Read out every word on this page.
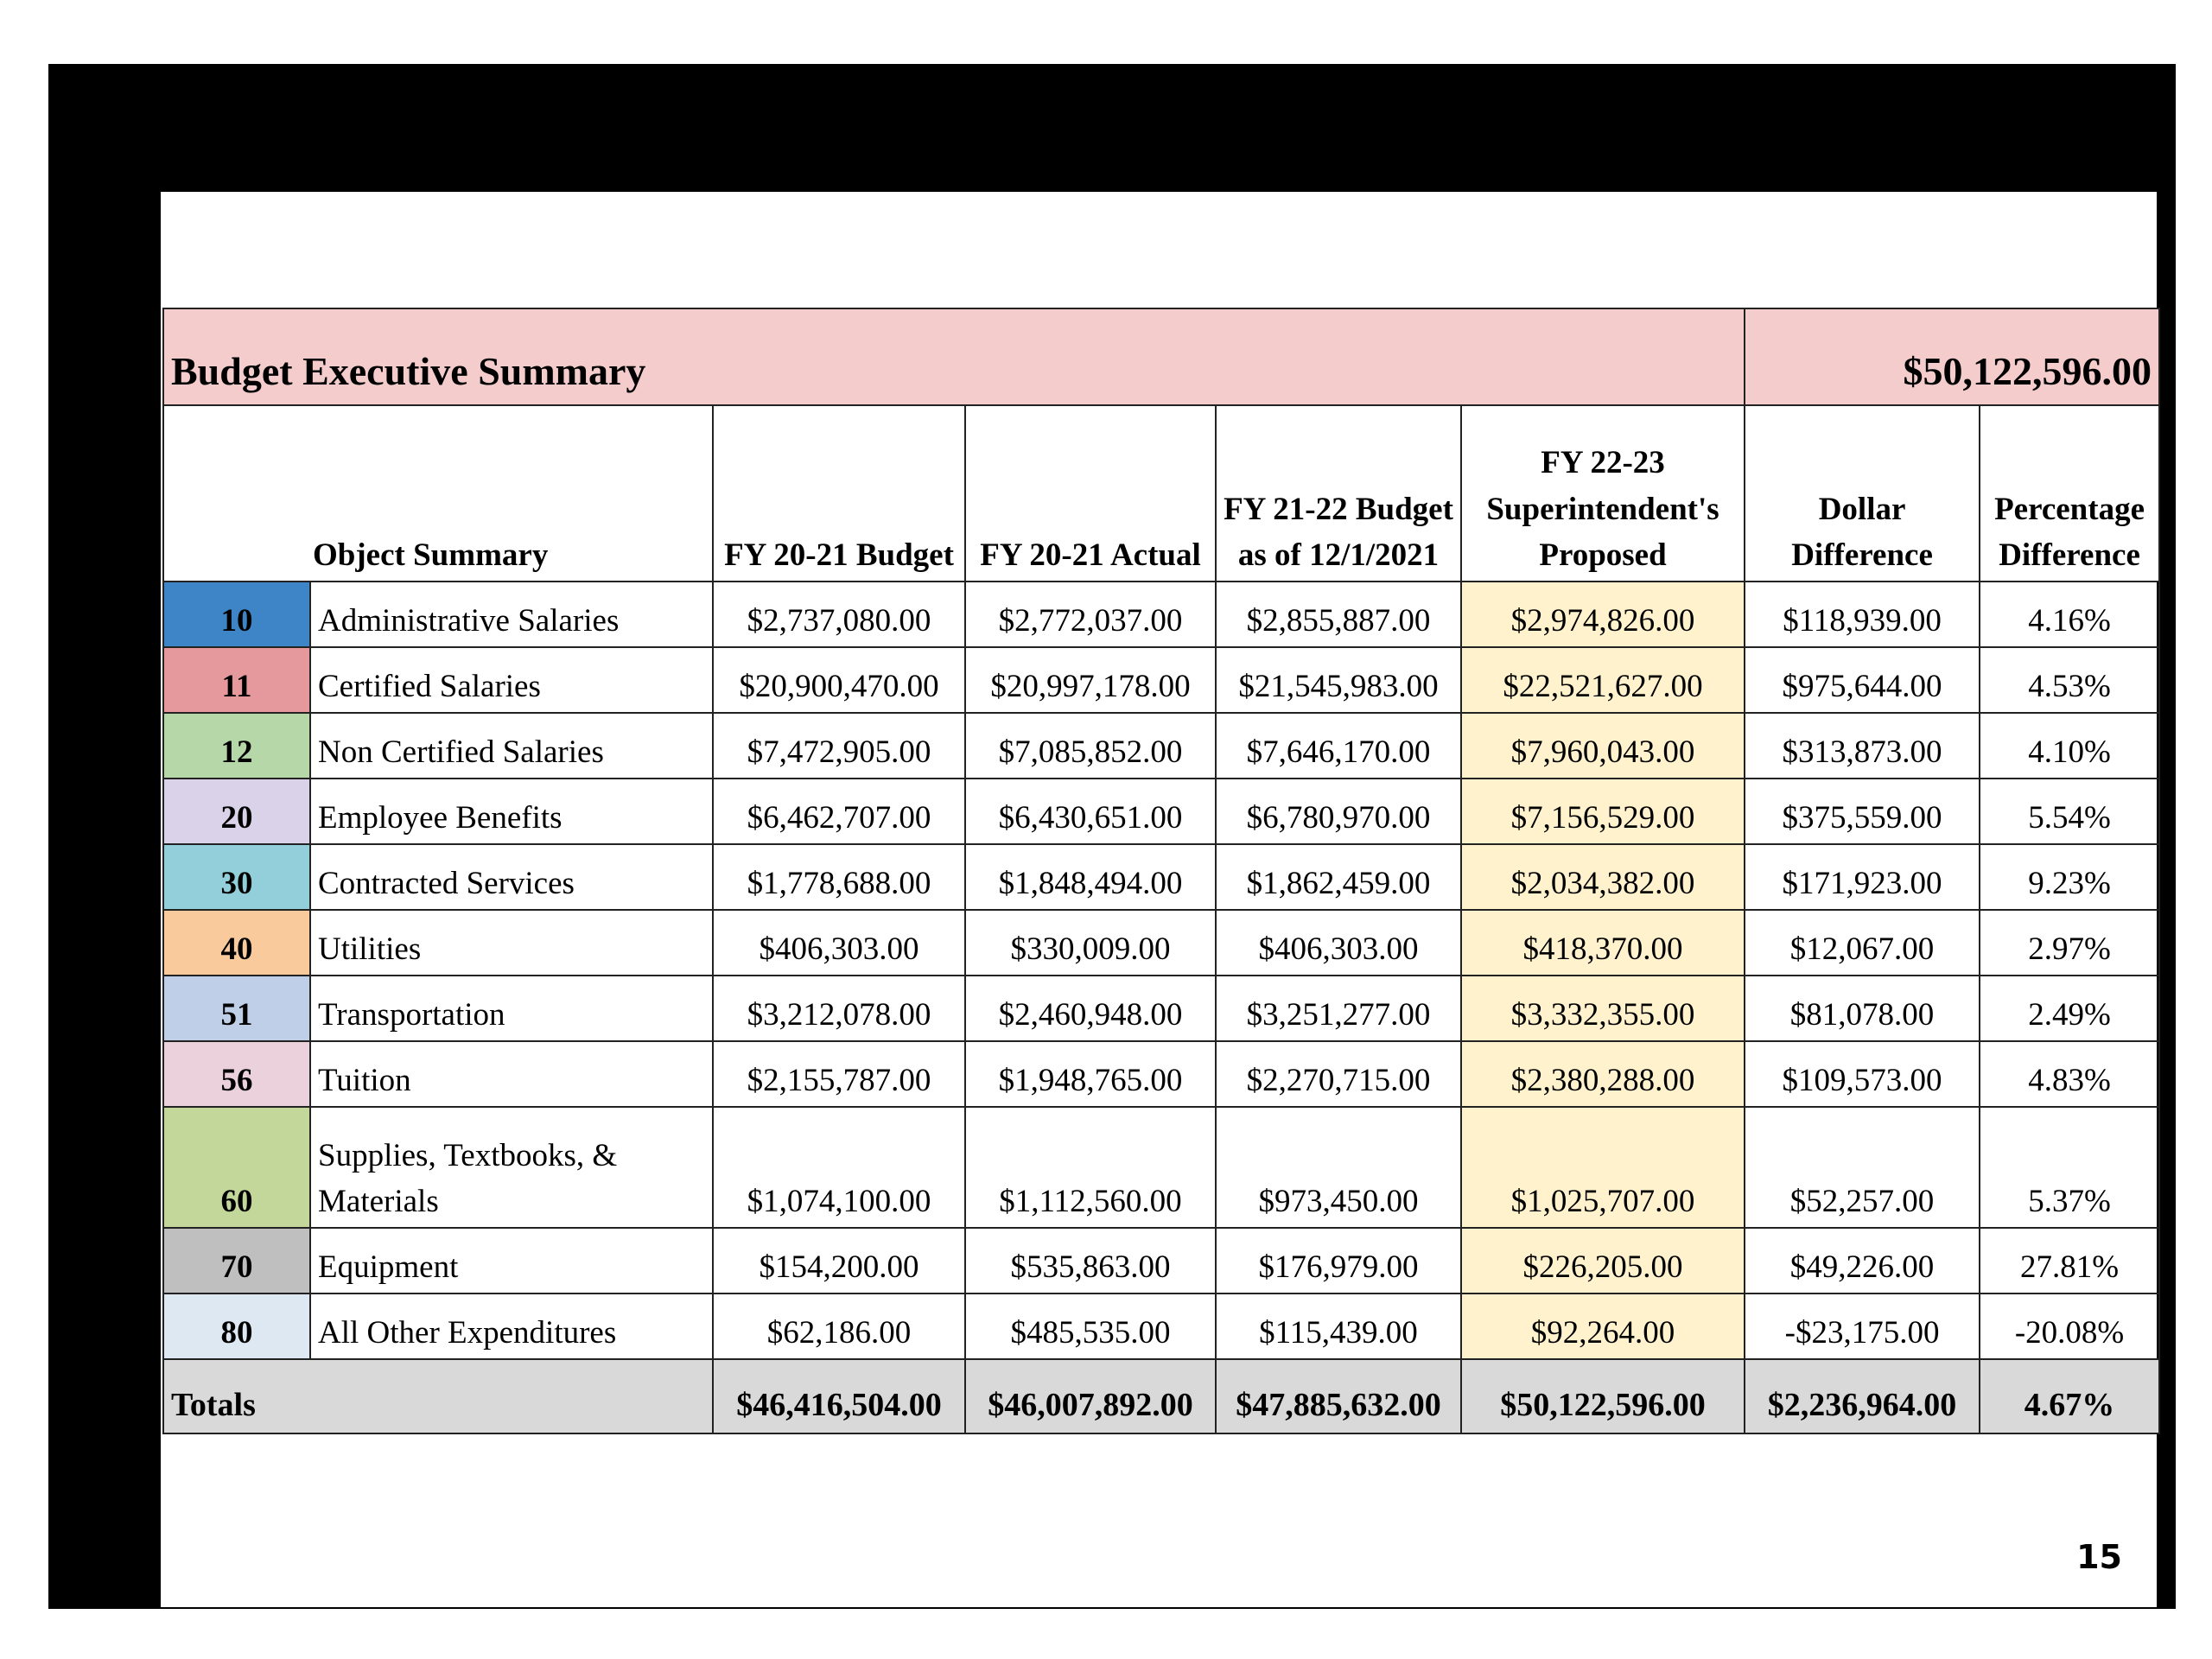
Budget Executive Summary						$50,122,596.00	
Object Summary		FY 20-21 Budget	FY 20-21 Actual	FY 21-22 Budget as of 12/1/2021	FY 22-23 Superintendent's Proposed	Dollar Difference	Percentage Difference
10	Administrative Salaries	$2,737,080.00	$2,772,037.00	$2,855,887.00	$2,974,826.00	$118,939.00	4.16%
11	Certified Salaries	$20,900,470.00	$20,997,178.00	$21,545,983.00	$22,521,627.00	$975,644.00	4.53%
12	Non Certified Salaries	$7,472,905.00	$7,085,852.00	$7,646,170.00	$7,960,043.00	$313,873.00	4.10%
20	Employee Benefits	$6,462,707.00	$6,430,651.00	$6,780,970.00	$7,156,529.00	$375,559.00	5.54%
30	Contracted Services	$1,778,688.00	$1,848,494.00	$1,862,459.00	$2,034,382.00	$171,923.00	9.23%
40	Utilities	$406,303.00	$330,009.00	$406,303.00	$418,370.00	$12,067.00	2.97%
51	Transportation	$3,212,078.00	$2,460,948.00	$3,251,277.00	$3,332,355.00	$81,078.00	2.49%
56	Tuition	$2,155,787.00	$1,948,765.00	$2,270,715.00	$2,380,288.00	$109,573.00	4.83%
60	Supplies, Textbooks, & Materials	$1,074,100.00	$1,112,560.00	$973,450.00	$1,025,707.00	$52,257.00	5.37%
70	Equipment	$154,200.00	$535,863.00	$176,979.00	$226,205.00	$49,226.00	27.81%
80	All Other Expenditures	$62,186.00	$485,535.00	$115,439.00	$92,264.00	-$23,175.00	-20.08%
Totals		$46,416,504.00	$46,007,892.00	$47,885,632.00	$50,122,596.00	$2,236,964.00	4.67%
15
